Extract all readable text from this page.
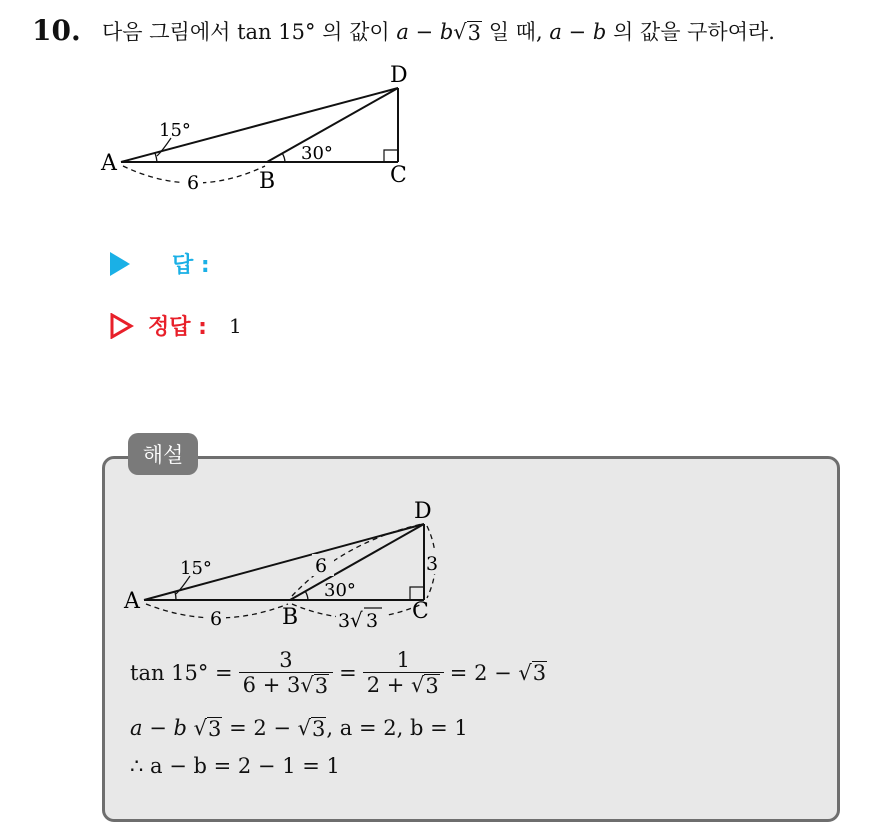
10. 다음 그림에서 tan 15° 의 값이 a − b √ 3 일 때, a − b 의 값을 구하여라.
A
B	C
D
15°
30°
6
답 :
정답 : 1
해설
A
B	C
D
15°
30°
6
6	3
3 √ 3
$\tan 15^\circ = \frac{3}{6 + 3 √ 3} = \frac{1}{2 + √ 3} = 2$ −
√ 3
a − b √ 3 = 2 − √ 3 , a = 2, b = 1
∴ a − b = 2 − 1 = 1
